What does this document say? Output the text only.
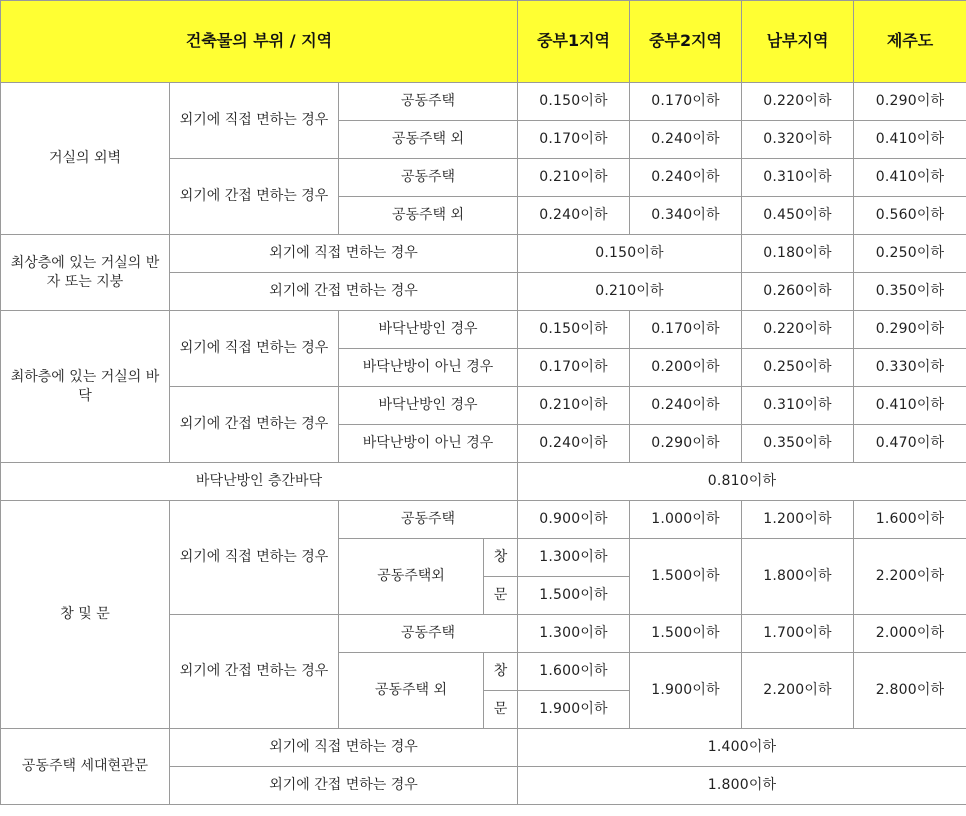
건축물의 부위 / 지역				중부1지역	중부2지역	남부지역	제주도
거실의 외벽	외기에 직접 면하는 경우	공동주택		0.150이하	0.170이하	0.220이하	0.290이하
		공동주택 외		0.170이하	0.240이하	0.320이하	0.410이하
	외기에 간접 면하는 경우	공동주택		0.210이하	0.240이하	0.310이하	0.410이하
		공동주택 외		0.240이하	0.340이하	0.450이하	0.560이하
최상층에 있는 거실의 반자 또는 지붕	외기에 직접 면하는 경우			0.150이하		0.180이하	0.250이하
	외기에 간접 면하는 경우			0.210이하		0.260이하	0.350이하
최하층에 있는 거실의 바닥	외기에 직접 면하는 경우	바닥난방인 경우		0.150이하	0.170이하	0.220이하	0.290이하
		바닥난방이 아닌 경우		0.170이하	0.200이하	0.250이하	0.330이하
	외기에 간접 면하는 경우	바닥난방인 경우		0.210이하	0.240이하	0.310이하	0.410이하
		바닥난방이 아닌 경우		0.240이하	0.290이하	0.350이하	0.470이하
바닥난방인 층간바닥				0.810이하			
창 및 문	외기에 직접 면하는 경우	공동주택		0.900이하	1.000이하	1.200이하	1.600이하
		공동주택외	창	1.300이하	1.500이하	1.800이하	2.200이하
			문	1.500이하			
	외기에 간접 면하는 경우	공동주택		1.300이하	1.500이하	1.700이하	2.000이하
		공동주택 외	창	1.600이하	1.900이하	2.200이하	2.800이하
			문	1.900이하			
공동주택 세대현관문	외기에 직접 면하는 경우			1.400이하			
	외기에 간접 면하는 경우			1.800이하			
